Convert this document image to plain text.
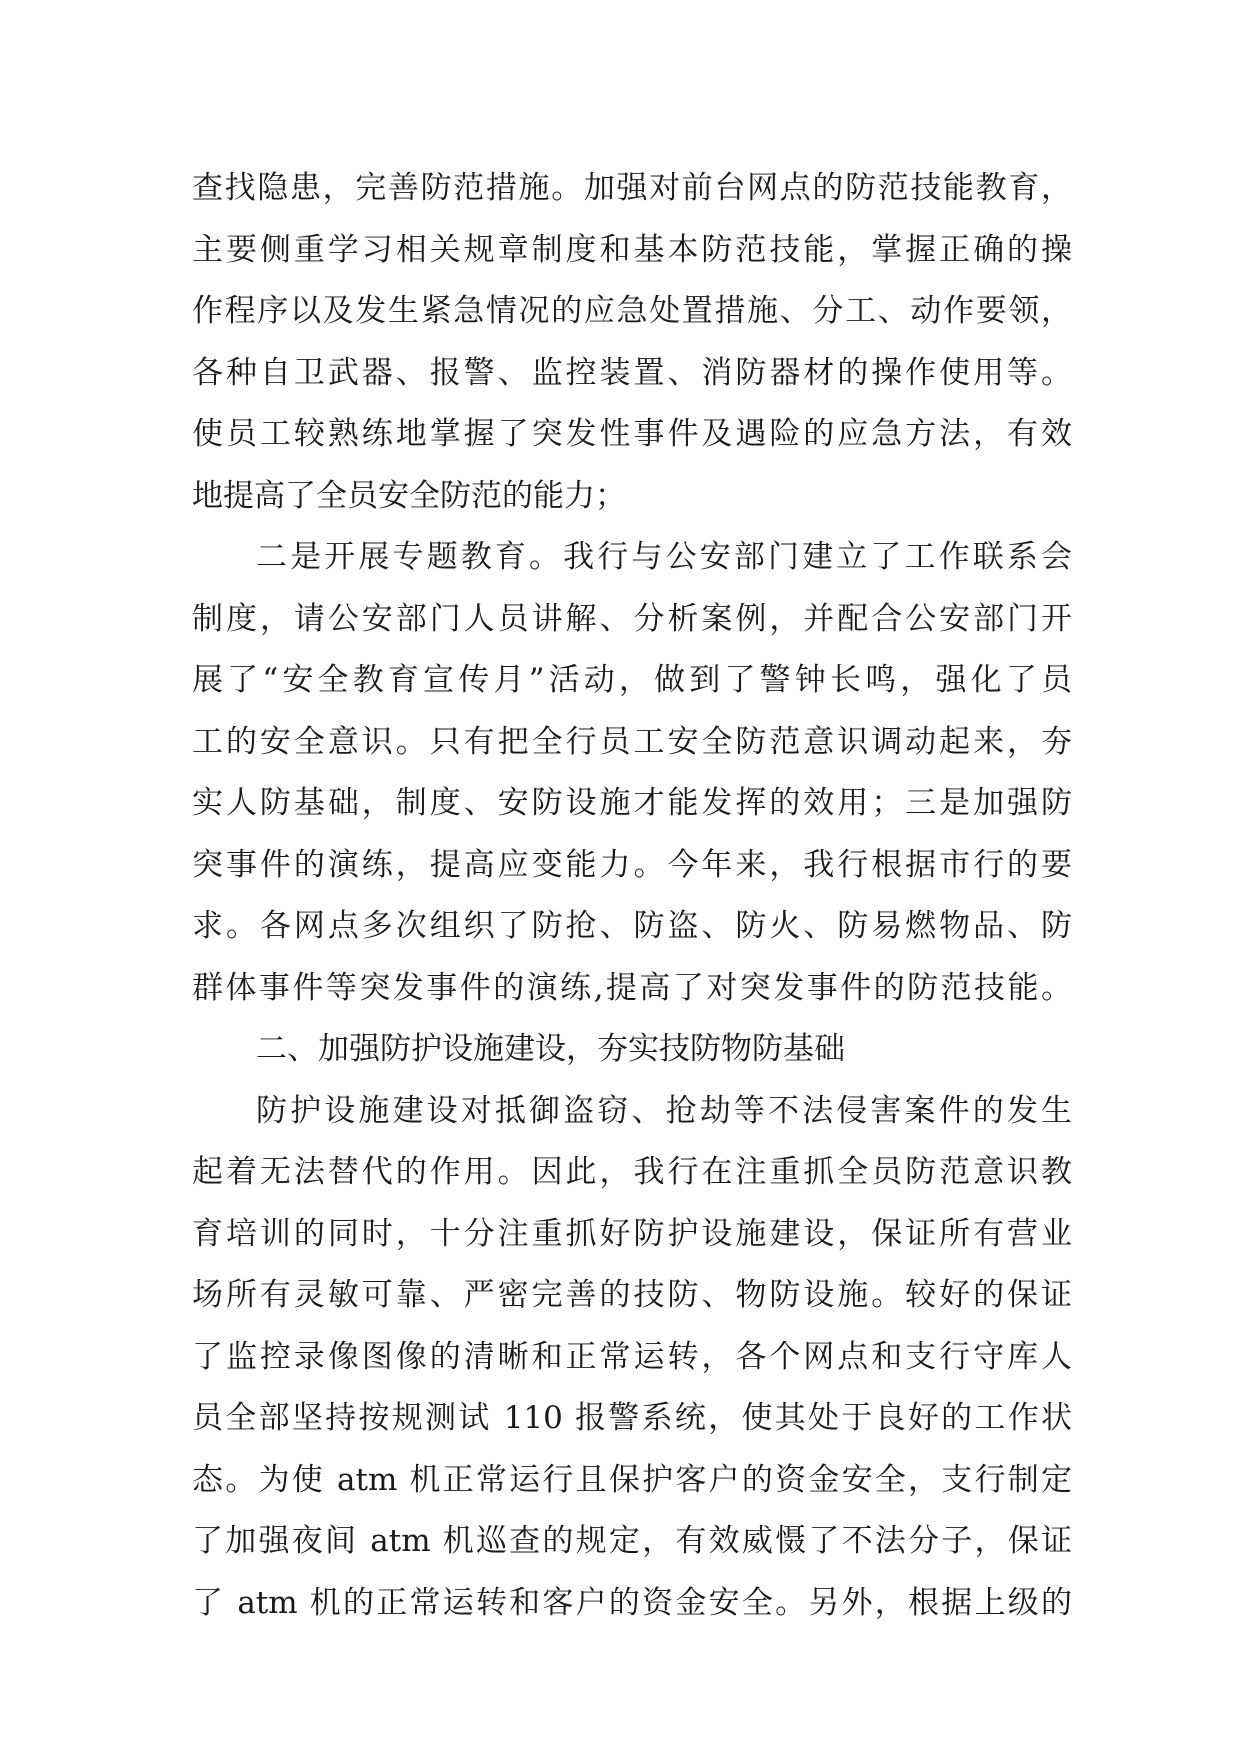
查找隐患，完善防范措施。加强对前台网点的防范技能教育，
主要侧重学习相关规章制度和基本防范技能，掌握正确的操
作程序以及发生紧急情况的应急处置措施、分工、动作要领，
各种自卫武器、报警、监控装置、消防器材的操作使用等。
使员工较熟练地掌握了突发性事件及遇险的应急方法，有效
地提高了全员安全防范的能力；
二是开展专题教育。我行与公安部门建立了工作联系会
制度，请公安部门人员讲解、分析案例，并配合公安部门开
展了“安全教育宣传月”活动，做到了警钟长鸣，强化了员
工的安全意识。只有把全行员工安全防范意识调动起来，夯
实人防基础，制度、安防设施才能发挥的效用；三是加强防
突事件的演练，提高应变能力。今年来，我行根据市行的要
求。各网点多次组织了防抢、防盗、防火、防易燃物品、防
群体事件等突发事件的演练,提高了对突发事件的防范技能。
二、加强防护设施建设，夯实技防物防基础
防护设施建设对抵御盗窃、抢劫等不法侵害案件的发生
起着无法替代的作用。因此，我行在注重抓全员防范意识教
育培训的同时，十分注重抓好防护设施建设，保证所有营业
场所有灵敏可靠、严密完善的技防、物防设施。较好的保证
了监控录像图像的清晰和正常运转，各个网点和支行守库人
员全部坚持按规测试 110 报警系统，使其处于良好的工作状
态。为使 atm 机正常运行且保护客户的资金安全，支行制定
了加强夜间 atm 机巡查的规定，有效威慑了不法分子，保证
了 atm 机的正常运转和客户的资金安全。另外，根据上级的
